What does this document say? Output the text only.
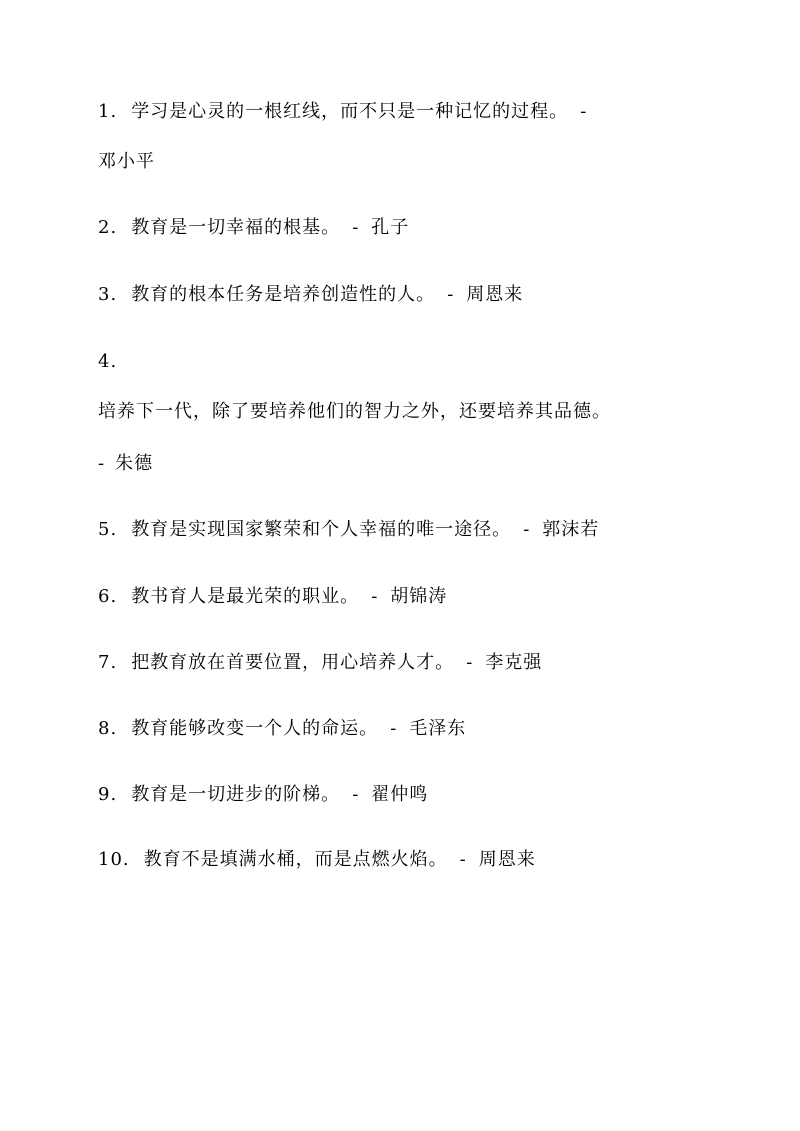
1. 学习是心灵的一根红线，而不只是一种记忆的过程。 -
邓小平
2. 教育是一切幸福的根基。 - 孔子
3. 教育的根本任务是培养创造性的人。 - 周恩来
4.
培养下一代，除了要培养他们的智力之外，还要培养其品德。
- 朱德
5. 教育是实现国家繁荣和个人幸福的唯一途径。 - 郭沫若
6. 教书育人是最光荣的职业。 - 胡锦涛
7. 把教育放在首要位置，用心培养人才。 - 李克强
8. 教育能够改变一个人的命运。 - 毛泽东
9. 教育是一切进步的阶梯。 - 翟仲鸣
10. 教育不是填满水桶，而是点燃火焰。 - 周恩来
